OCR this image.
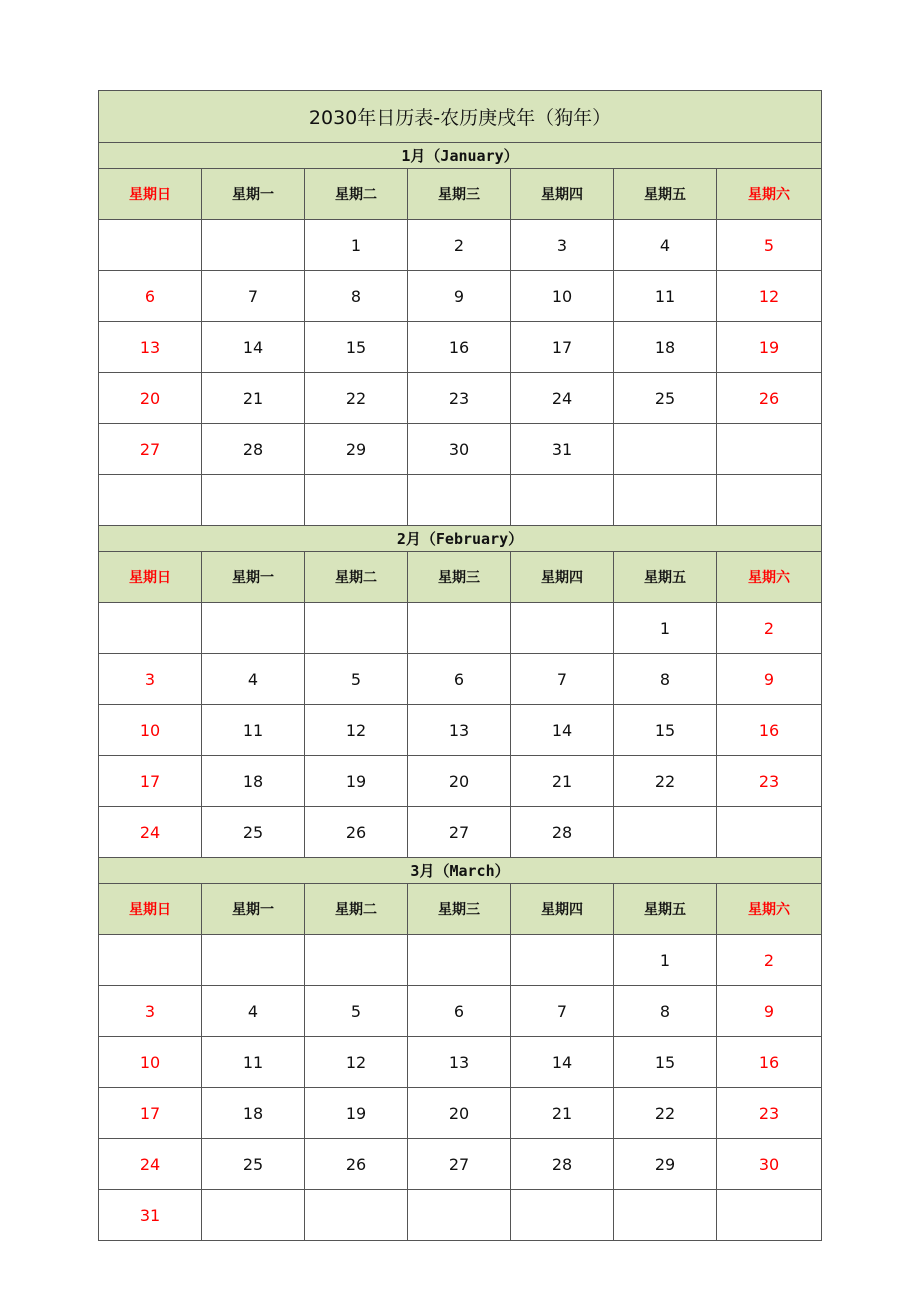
2030年日历表-农历庚戌年（狗年）						
1月（January）						
星期日	星期一	星期二	星期三	星期四	星期五	星期六
		1	2	3	4	5
6	7	8	9	10	11	12
13	14	15	16	17	18	19
20	21	22	23	24	25	26
27	28	29	30	31		

2月（February）						
星期日	星期一	星期二	星期三	星期四	星期五	星期六
					1	2
3	4	5	6	7	8	9
10	11	12	13	14	15	16
17	18	19	20	21	22	23
24	25	26	27	28		
3月（March）						
星期日	星期一	星期二	星期三	星期四	星期五	星期六
					1	2
3	4	5	6	7	8	9
10	11	12	13	14	15	16
17	18	19	20	21	22	23
24	25	26	27	28	29	30
31						
